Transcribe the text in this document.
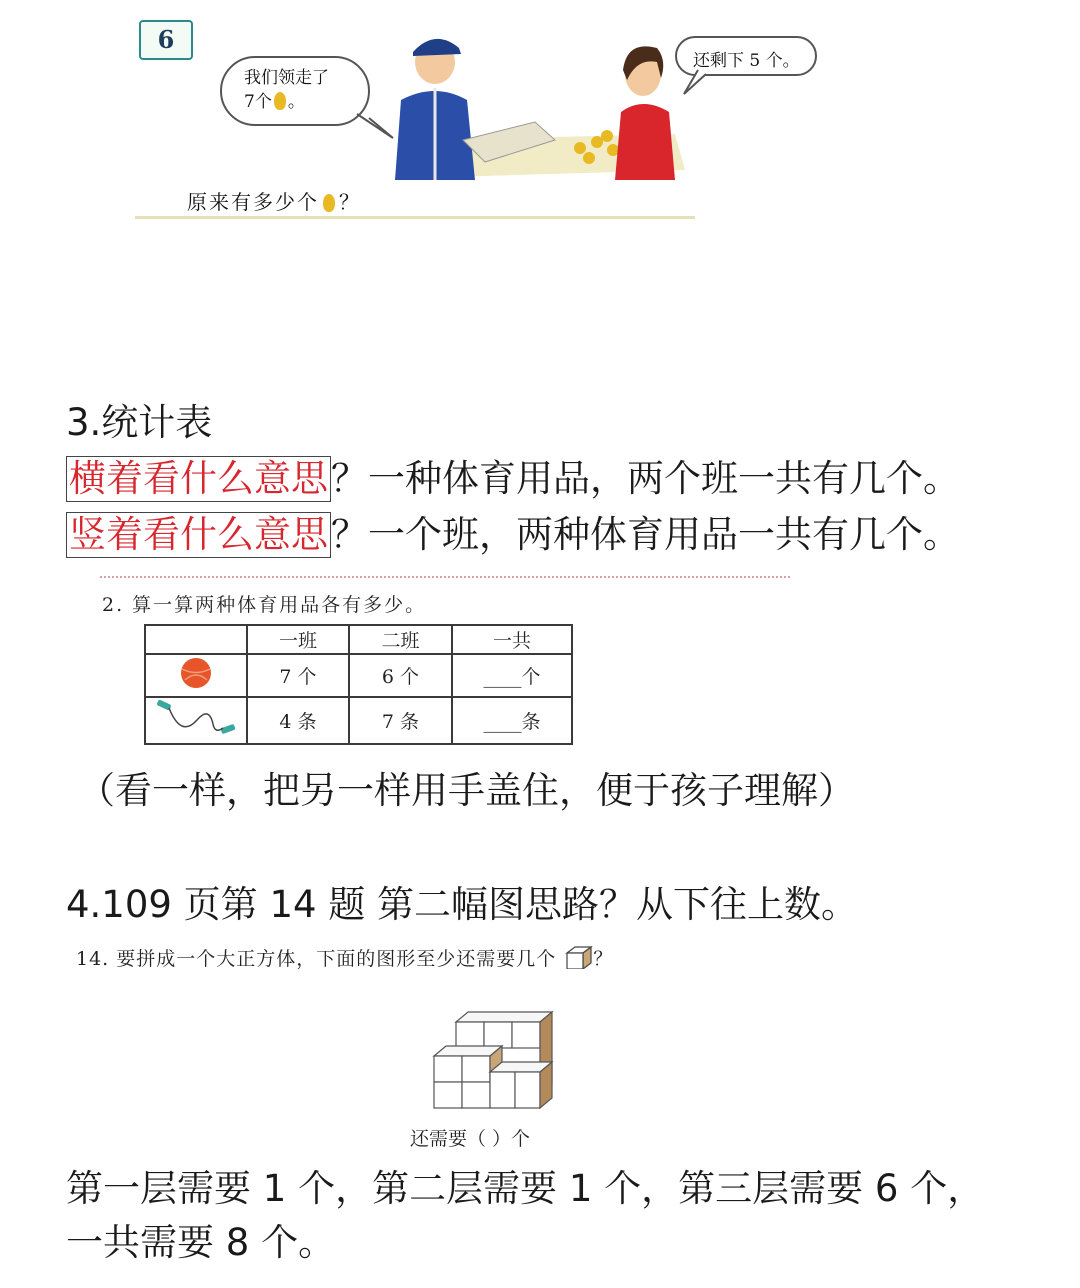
6
我们领走了
7个 。
还剩下 5 个。
原来有多少个 ？
3.统计表
横着看什么意思？一种体育用品，两个班一共有几个。
竖着看什么意思？一个班，两种体育用品一共有几个。
2. 算一算两种体育用品各有多少。
	一班	二班	一共
	7 个	6 个	____个
	4 条	7 条	____条
（看一样，把另一样用手盖住，便于孩子理解）
4.109 页第 14 题 第二幅图思路？从下往上数。
14. 要拼成一个大正方体，下面的图形至少还需要几个 ？
还需要（ ）个
第一层需要 1 个，第二层需要 1 个，第三层需要 6 个，
一共需要 8 个。
